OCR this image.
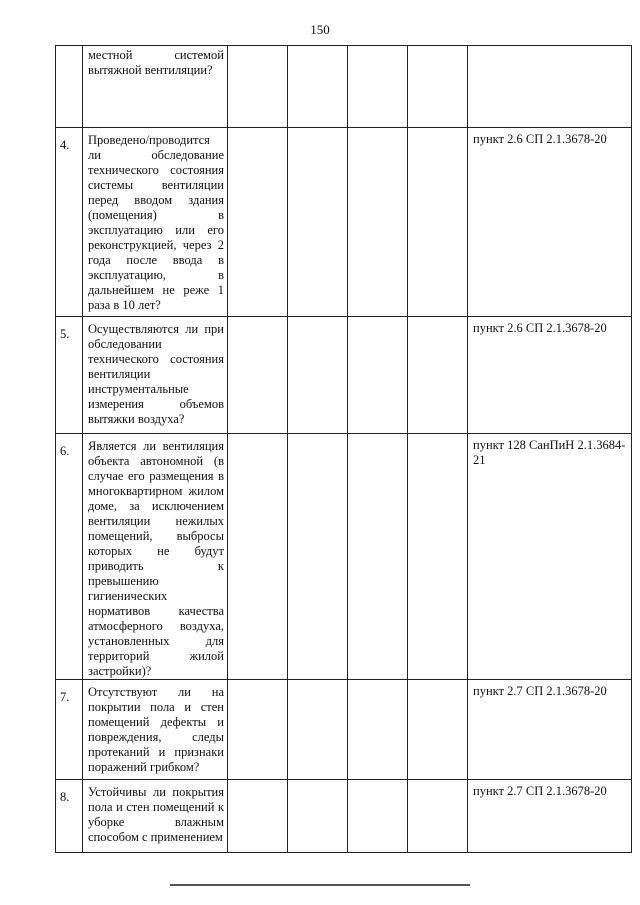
150

	местной системой вытяжной вентиляции?					

4.	Проведено/проводится ли обследование технического состояния системы вентиляции перед вводом здания (помещения) в эксплуатацию или его реконструкцией, через 2 года после ввода в эксплуатацию, в дальнейшем не реже 1 раза в 10 лет?					пункт 2.6 СП 2.1.3678-20

5.	Осуществляются ли при обследовании технического состояния вентиляции инструментальные измерения объемов вытяжки воздуха?					пункт 2.6 СП 2.1.3678-20

6.	Является ли вентиляция объекта автономной (в случае его размещения в многоквартирном жилом доме, за исключением вентиляции нежилых помещений, выбросы которых не будут приводить к превышению гигиенических нормативов качества атмосферного воздуха, установленных для территорий жилой застройки)?					пункт 128 СанПиН 2.1.3684-21

7.	Отсутствуют ли на покрытии пола и стен помещений дефекты и повреждения, следы протеканий и признаки поражений грибком?					пункт 2.7 СП 2.1.3678-20

8.	Устойчивы ли покрытия пола и стен помещений к уборке влажным способом с применением					пункт 2.7 СП 2.1.3678-20
